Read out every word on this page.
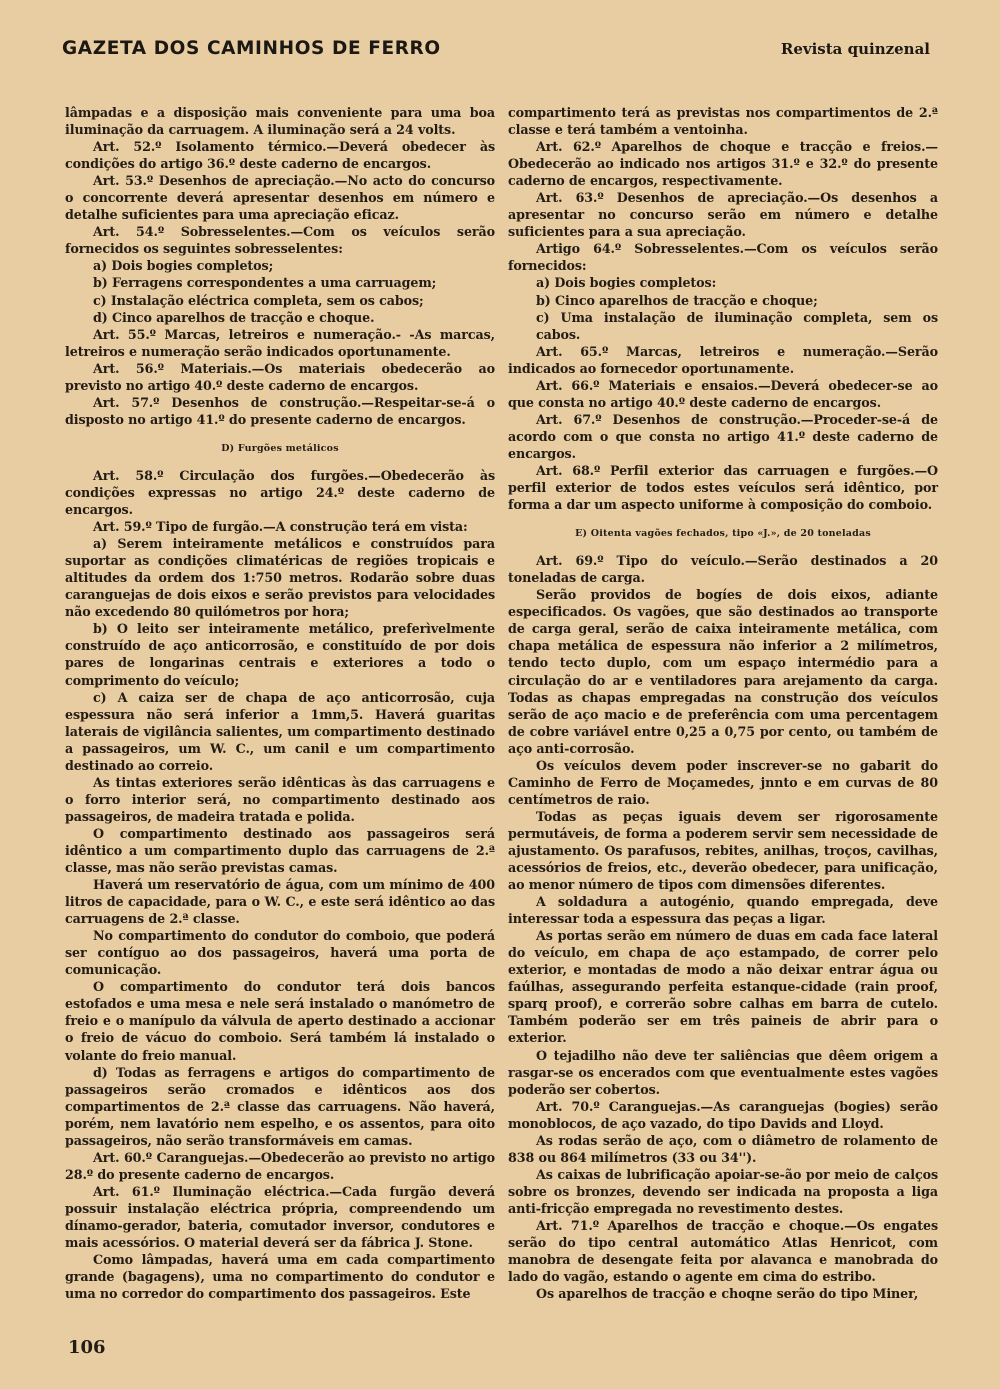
GAZETA DOS CAMINHOS DE FERRO	Revista quinzenal

lâmpadas e a disposição mais conveniente para uma boa iluminação da carruagem. A iluminação será a 24 volts.

Art. 52.º Isolamento térmico.—Deverá obedecer às condições do artigo 36.º deste caderno de encargos.

Art. 53.º Desenhos de apreciação.—No acto do concurso o concorrente deverá apresentar desenhos em número e detalhe suficientes para uma apreciação eficaz.

Art. 54.º Sobresselentes.—Com os veículos serão fornecidos os seguintes sobresselentes:

a) Dois bogies completos;

b) Ferragens correspondentes a uma carruagem;

c) Instalação eléctrica completa, sem os cabos;

d) Cinco aparelhos de tracção e choque.

Art. 55.º Marcas, letreiros e numeração.- -As marcas, letreiros e numeração serão indicados oportunamente.

Art. 56.º Materiais.—Os materiais obedecerão ao previsto no artigo 40.º deste caderno de encargos.

Art. 57.º Desenhos de construção.—Respeitar-se-á o disposto no artigo 41.º do presente caderno de encargos.

D) Furgões metálicos

Art. 58.º Circulação dos furgões.—Obedecerão às condições expressas no artigo 24.º deste caderno de encargos.

Art. 59.º Tipo de furgão.—A construção terá em vista:

a) Serem inteiramente metálicos e construídos para suportar as condições climatéricas de regiões tropicais e altitudes da ordem dos 1:750 metros. Rodarão sobre duas caranguejas de dois eixos e serão previstos para velocidades não excedendo 80 quilómetros por hora;

b) O leito ser inteiramente metálico, preferìvelmente construído de aço anticorrosão, e constituído de por dois pares de longarinas centrais e exteriores a todo o comprimento do veículo;

c) A caiza ser de chapa de aço anticorrosão, cuja espessura não será inferior a 1mm,5. Haverá guaritas laterais de vigilância salientes, um compartimento destinado a passageiros, um W. C., um canil e um compartimento destinado ao correio.

As tintas exteriores serão idênticas às das carruagens e o forro interior será, no compartimento destinado aos passageiros, de madeira tratada e polida.

O compartimento destinado aos passageiros será idêntico a um compartimento duplo das carruagens de 2.ª classe, mas não serão previstas camas.

Haverá um reservatório de água, com um mínimo de 400 litros de capacidade, para o W. C., e este será idêntico ao das carruagens de 2.ª classe.

No compartimento do condutor do comboio, que poderá ser contíguo ao dos passageiros, haverá uma porta de comunicação.

O compartimento do condutor terá dois bancos estofados e uma mesa e nele será instalado o manómetro de freio e o manípulo da válvula de aperto destinado a accionar o freio de vácuo do comboio. Será também lá instalado o volante do freio manual.

d) Todas as ferragens e artigos do compartimento de passageiros serão cromados e idênticos aos dos compartimentos de 2.ª classe das carruagens. Não haverá, porém, nem lavatório nem espelho, e os assentos, para oito passageiros, não serão transformáveis em camas.

Art. 60.º Caranguejas.—Obedecerão ao previsto no artigo 28.º do presente caderno de encargos.

Art. 61.º Iluminação eléctrica.—Cada furgão deverá possuir instalação eléctrica própria, compreendendo um dínamo-gerador, bateria, comutador inversor, condutores e mais acessórios. O material deverá ser da fábrica J. Stone.

Como lâmpadas, haverá uma em cada compartimento grande (bagagens), uma no compartimento do condutor e uma no corredor do compartimento dos passageiros. Este

compartimento terá as previstas nos compartimentos de 2.ª classe e terá também a ventoinha.

Art. 62.º Aparelhos de choque e tracção e freios.—Obedecerão ao indicado nos artigos 31.º e 32.º do presente caderno de encargos, respectivamente.

Art. 63.º Desenhos de apreciação.—Os desenhos a apresentar no concurso serão em número e detalhe suficientes para a sua apreciação.

Artigo 64.º Sobresselentes.—Com os veículos serão fornecidos:

a) Dois bogies completos:

b) Cinco aparelhos de tracção e choque;

c) Uma instalação de iluminação completa, sem os cabos.

Art. 65.º Marcas, letreiros e numeração.—Serão indicados ao fornecedor oportunamente.

Art. 66.º Materiais e ensaios.—Deverá obedecer-se ao que consta no artigo 40.º deste caderno de encargos.

Art. 67.º Desenhos de construção.—Proceder-se-á de acordo com o que consta no artigo 41.º deste caderno de encargos.

Art. 68.º Perfil exterior das carruagen e furgões.—O perfil exterior de todos estes veículos será idêntico, por forma a dar um aspecto uniforme à composição do comboio.

E) Oitenta vagões fechados, tipo «J.», de 20 toneladas

Art. 69.º Tipo do veículo.—Serão destinados a 20 toneladas de carga.

Serão providos de bogíes de dois eixos, adiante especificados. Os vagões, que são destinados ao transporte de carga geral, serão de caixa inteiramente metálica, com chapa metálica de espessura não inferior a 2 milímetros, tendo tecto duplo, com um espaço intermédio para a circulação do ar e ventiladores para arejamento da carga. Todas as chapas empregadas na construção dos veículos serão de aço macio e de preferência com uma percentagem de cobre variável entre 0,25 a 0,75 por cento, ou também de aço anti-corrosão.

Os veículos devem poder inscrever-se no gabarit do Caminho de Ferro de Moçamedes, jnnto e em curvas de 80 centímetros de raio.

Todas as peças iguais devem ser rigorosamente permutáveis, de forma a poderem servir sem necessidade de ajustamento. Os parafusos, rebites, anilhas, troços, cavilhas, acessórios de freios, etc., deverão obedecer, para unificação, ao menor número de tipos com dimensões diferentes.

A soldadura a autogénio, quando empregada, deve interessar toda a espessura das peças a ligar.

As portas serão em número de duas em cada face lateral do veículo, em chapa de aço estampado, de correr pelo exterior, e montadas de modo a não deixar entrar água ou faúlhas, assegurando perfeita estanque-cidade (rain proof, sparq proof), e correrão sobre calhas em barra de cutelo. Também poderão ser em três paineis de abrir para o exterior.

O tejadilho não deve ter saliências que dêem origem a rasgar-se os encerados com que eventualmente estes vagões poderão ser cobertos.

Art. 70.º Caranguejas.—As caranguejas (bogies) serão monoblocos, de aço vazado, do tipo Davids and Lloyd.

As rodas serão de aço, com o diâmetro de rolamento de 838 ou 864 milímetros (33 ou 34'').

As caixas de lubrificação apoiar-se-ão por meio de calços sobre os bronzes, devendo ser indicada na proposta a liga anti-fricção empregada no revestimento destes.

Art. 71.º Aparelhos de tracção e choque.—Os engates serão do tipo central automático Atlas Henricot, com manobra de desengate feita por alavanca e manobrada do lado do vagão, estando o agente em cima do estribo.

Os aparelhos de tracção e choqne serão do tipo Miner,

106
